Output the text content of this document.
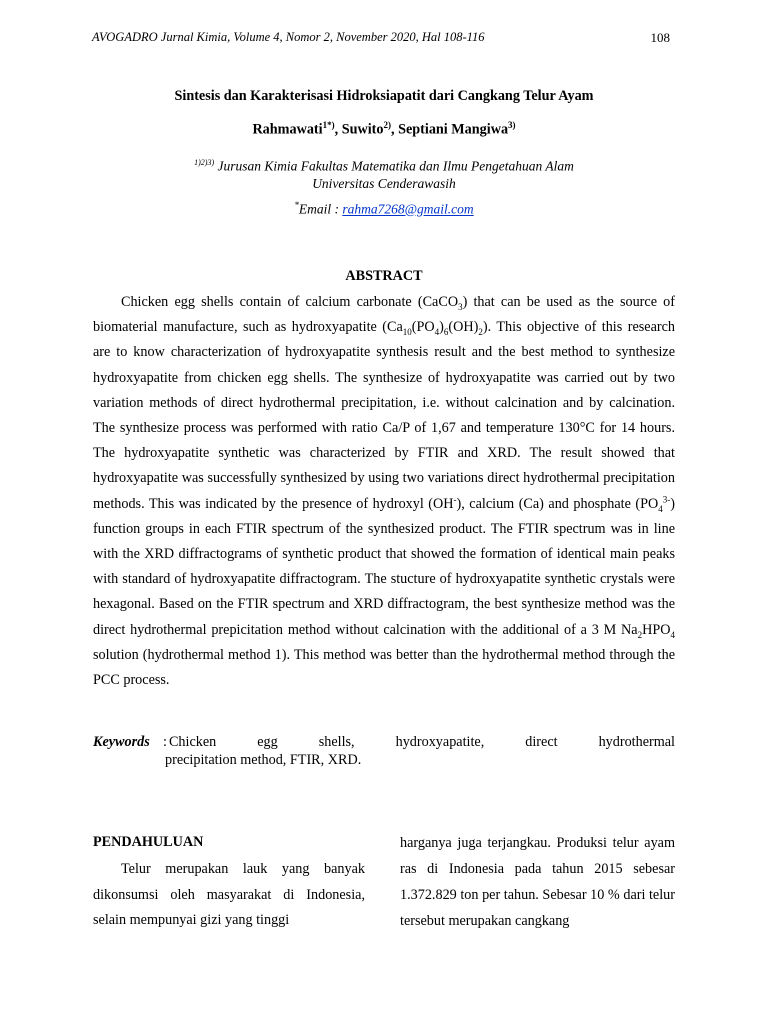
AVOGADRO Jurnal Kimia, Volume 4, Nomor 2, November 2020, Hal 108-116	108
Sintesis dan Karakterisasi Hidroksiapatit dari Cangkang Telur Ayam
Rahmawati$^{1*)}$, Suwito$^{2)}$, Septiani Mangiwa$^{3)}$
$^{1)2)3)}$ Jurusan Kimia Fakultas Matematika dan Ilmu Pengetahuan Alam
Universitas Cenderawasih
*Email : rahma7268@gmail.com
ABSTRACT

Chicken egg shells contain of calcium carbonate (CaCO$_3$) that can be used as the source of biomaterial manufacture, such as hydroxyapatite $(Ca_{10}(PO_4)_6(OH)_2)$. This objective of this research are to know characterization of hydroxyapatite synthesis result and the best method to synthesize hydroxyapatite from chicken egg shells. The synthesize of hydroxyapatite was carried out by two variation methods of direct hydrothermal precipitation, i.e. without calcination and by calcination. The synthesize process was performed with ratio Ca/P of 1,67 and temperature 130°C for 14 hours. The hydroxyapatite synthetic was characterized by FTIR and XRD. The result showed that hydroxyapatite was successfully synthesized by using two variations direct hydrothermal precipitation methods. This was indicated by the presence of hydroxyl (OH-), calcium (Ca) and phosphate $(PO_4^{3-})$ function groups in each FTIR spectrum of the synthesized product. The FTIR spectrum was in line with the XRD diffractograms of synthetic product that showed the formation of identical main peaks with standard of hydroxyapatite diffractogram. The stucture of hydroxyapatite synthetic crystals were hexagonal. Based on the FTIR spectrum and XRD diffractogram, the best synthesize method was the direct hydrothermal prepicitation method without calcination with the additional of a 3 M $Na_2HPO_4$ solution (hydrothermal method 1). This method was better than the hydrothermal method through the PCC process.

Keywords : Chicken egg shells, hydroxyapatite, direct hydrothermal
precipitation method, FTIR, XRD.
PENDAHULUAN

Telur merupakan lauk yang banyak dikonsumsi oleh masyarakat di Indonesia, selain mempunyai gizi yang tinggi

harganya juga terjangkau. Produksi telur ayam ras di Indonesia pada tahun 2015 sebesar 1.372.829 ton per tahun. Sebesar 10 % dari telur tersebut merupakan cangkang
